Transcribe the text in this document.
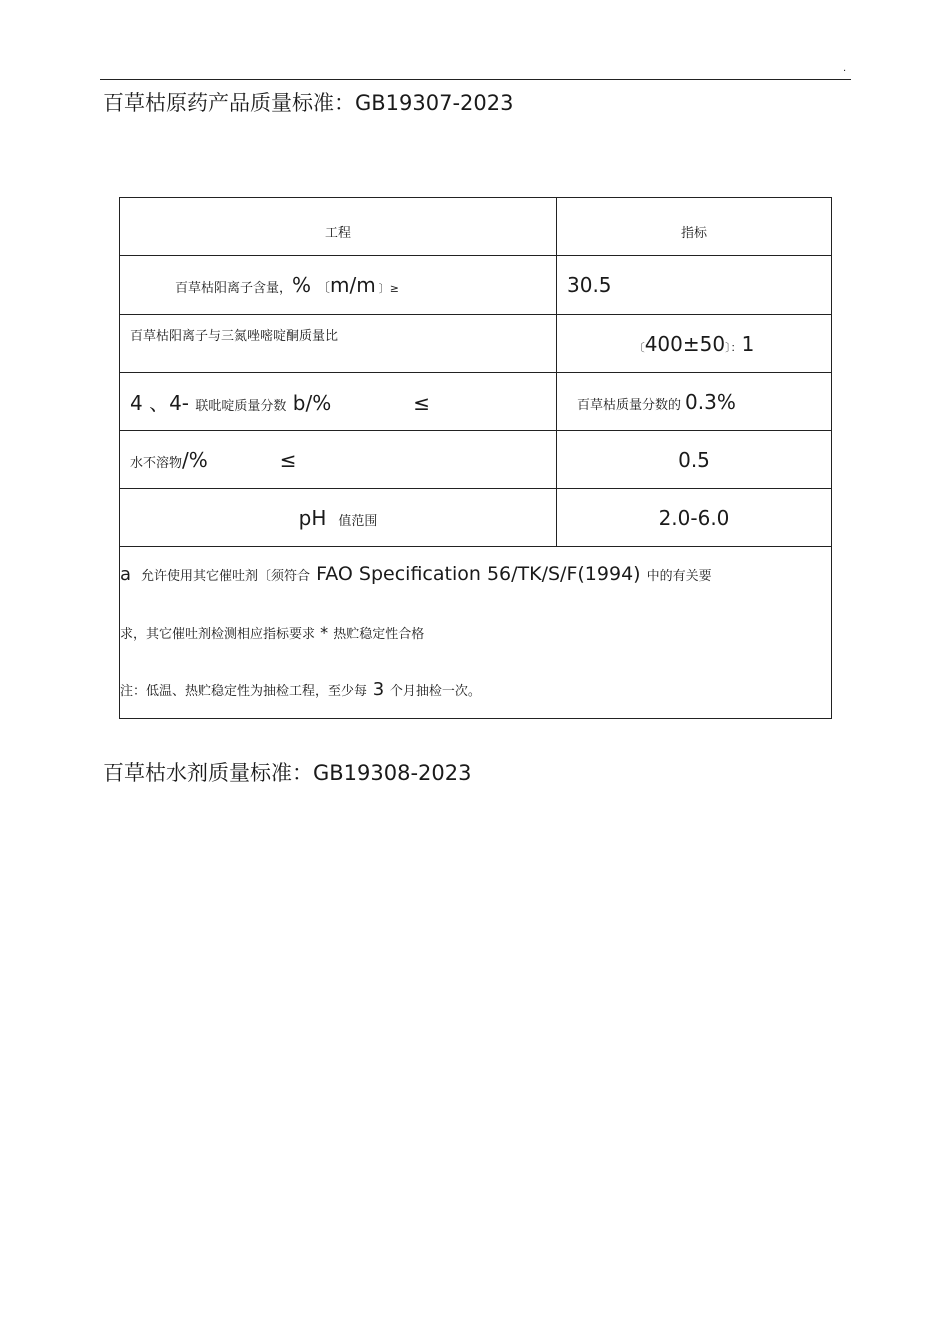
.
百草枯原药产品质量标准：GB19307-2023
工程	指标
百草枯阳离子含量，% 〔m/m 〕≥	30.5

百草枯阳离子与三氮唑嘧啶酮质量比	〔400±50〕：1
4 、4- 联吡啶质量分数 b/% ≤	百草枯质量分数的 0.3%
水不溶物/% ≤	0.5
pH 值范围	2.0-6.0

a 允许使用其它催吐剂〔须符合 FAO Specification 56/TK/S/F(1994) 中的有关要
求，其它催吐剂检测相应指标要求 * 热贮稳定性合格
注：低温、热贮稳定性为抽检工程，至少每 3 个月抽检一次。	
百草枯水剂质量标准：GB19308-2023
